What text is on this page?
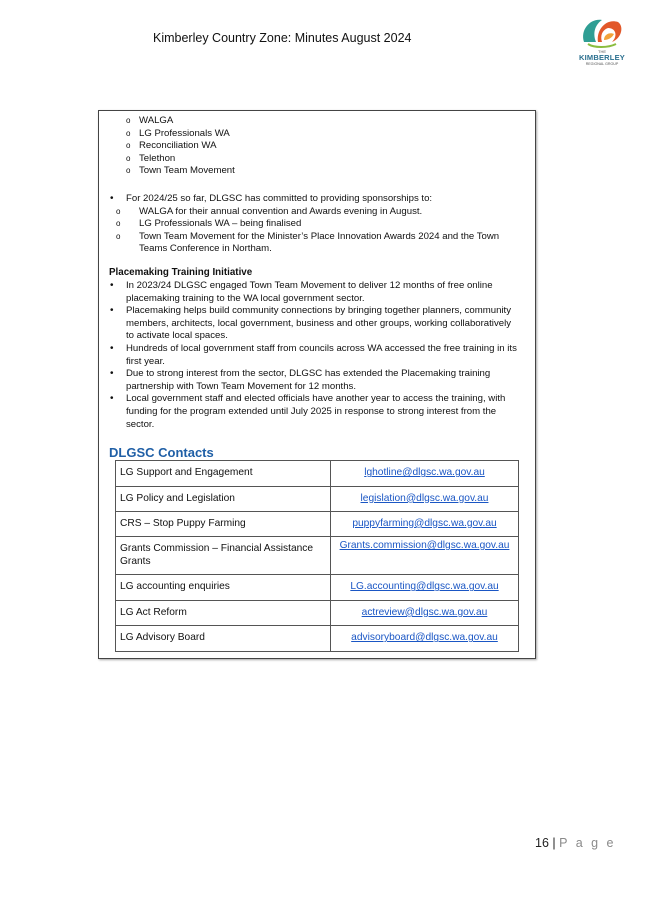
Kimberley Country Zone: Minutes August 2024
THE
KIMBERLEY
REGIONAL GROUP
o WALGA
o LG Professionals WA
o Reconciliation WA
o Telethon
o Town Team Movement
• For 2024/25 so far, DLGSC has committed to providing sponsorships to:
o WALGA for their annual convention and Awards evening in August.
o LG Professionals WA – being finalised
o Town Team Movement for the Minister’s Place Innovation Awards 2024 and the Town Teams Conference in Northam.
Placemaking Training Initiative
• In 2023/24 DLGSC engaged Town Team Movement to deliver 12 months of free online placemaking training to the WA local government sector.
• Placemaking helps build community connections by bringing together planners, community members, architects, local government, business and other groups, working collaboratively to activate local spaces.
• Hundreds of local government staff from councils across WA accessed the free training in its first year.
• Due to strong interest from the sector, DLGSC has extended the Placemaking training partnership with Town Team Movement for 12 months.
• Local government staff and elected officials have another year to access the training, with funding for the program extended until July 2025 in response to strong interest from the sector.
DLGSC Contacts
LG Support and Engagement	lghotline@dlgsc.wa.gov.au
LG Policy and Legislation	legislation@dlgsc.wa.gov.au
CRS – Stop Puppy Farming	puppyfarming@dlgsc.wa.gov.au
Grants Commission – Financial Assistance Grants	Grants.commission@dlgsc.wa.gov.au
LG accounting enquiries	LG.accounting@dlgsc.wa.gov.au
LG Act Reform	actreview@dlgsc.wa.gov.au
LG Advisory Board	advisoryboard@dlgsc.wa.gov.au
16 | P a g e
